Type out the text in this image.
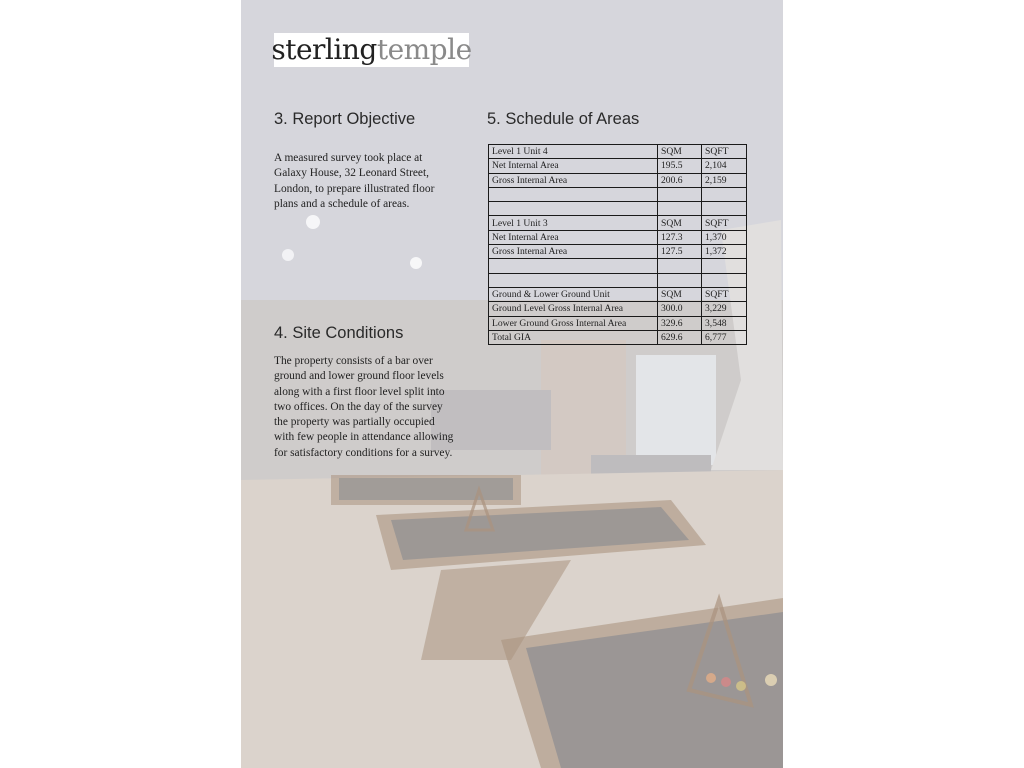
sterling temple
3. Report Objective

A measured survey took place at Galaxy House, 32 Leonard Street, London, to prepare illustrated floor plans and a schedule of areas.

4. Site Conditions

The property consists of a bar over ground and lower ground floor levels along with a first floor level split into two offices. On the day of the survey the property was partially occupied with few people in attendance allowing for satisfactory conditions for a survey.

5. Schedule of Areas
Level 1 Unit 4	SQM	SQFT
Net Internal Area	195.5	2,104
Gross Internal Area	200.6	2,159

Level 1 Unit 3	SQM	SQFT
Net Internal Area	127.3	1,370
Gross Internal Area	127.5	1,372

Ground & Lower Ground Unit	SQM	SQFT
Ground Level Gross Internal Area	300.0	3,229
Lower Ground Gross Internal Area	329.6	3,548
Total GIA	629.6	6,777
